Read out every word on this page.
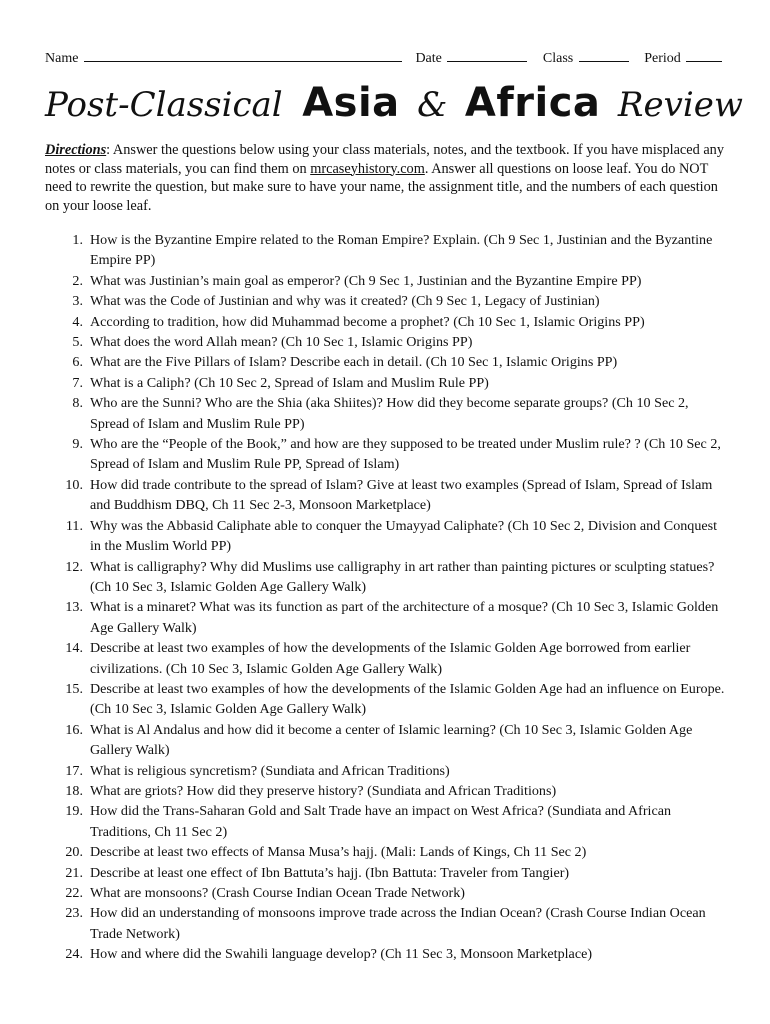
Name	Date	Class	Period
Post-Classical Asia & Africa Review
Directions: Answer the questions below using your class materials, notes, and the textbook. If you have misplaced any notes or class materials, you can find them on mrcaseyhistory.com. Answer all questions on loose leaf. You do NOT need to rewrite the question, but make sure to have your name, the assignment title, and the numbers of each question on your loose leaf.
1. How is the Byzantine Empire related to the Roman Empire? Explain. (Ch 9 Sec 1, Justinian and the Byzantine Empire PP)
2. What was Justinian’s main goal as emperor? (Ch 9 Sec 1, Justinian and the Byzantine Empire PP)
3. What was the Code of Justinian and why was it created? (Ch 9 Sec 1, Legacy of Justinian)
4. According to tradition, how did Muhammad become a prophet? (Ch 10 Sec 1, Islamic Origins PP)
5. What does the word Allah mean? (Ch 10 Sec 1, Islamic Origins PP)
6. What are the Five Pillars of Islam? Describe each in detail. (Ch 10 Sec 1, Islamic Origins PP)
7. What is a Caliph? (Ch 10 Sec 2, Spread of Islam and Muslim Rule PP)
8. Who are the Sunni? Who are the Shia (aka Shiites)? How did they become separate groups? (Ch 10 Sec 2, Spread of Islam and Muslim Rule PP)
9. Who are the “People of the Book,” and how are they supposed to be treated under Muslim rule? ? (Ch 10 Sec 2, Spread of Islam and Muslim Rule PP, Spread of Islam)
10. How did trade contribute to the spread of Islam? Give at least two examples (Spread of Islam, Spread of Islam and Buddhism DBQ, Ch 11 Sec 2-3, Monsoon Marketplace)
11. Why was the Abbasid Caliphate able to conquer the Umayyad Caliphate? (Ch 10 Sec 2, Division and Conquest in the Muslim World PP)
12. What is calligraphy? Why did Muslims use calligraphy in art rather than painting pictures or sculpting statues? (Ch 10 Sec 3, Islamic Golden Age Gallery Walk)
13. What is a minaret? What was its function as part of the architecture of a mosque? (Ch 10 Sec 3, Islamic Golden Age Gallery Walk)
14. Describe at least two examples of how the developments of the Islamic Golden Age borrowed from earlier civilizations. (Ch 10 Sec 3, Islamic Golden Age Gallery Walk)
15. Describe at least two examples of how the developments of the Islamic Golden Age had an influence on Europe. (Ch 10 Sec 3, Islamic Golden Age Gallery Walk)
16. What is Al Andalus and how did it become a center of Islamic learning? (Ch 10 Sec 3, Islamic Golden Age Gallery Walk)
17. What is religious syncretism? (Sundiata and African Traditions)
18. What are griots? How did they preserve history? (Sundiata and African Traditions)
19. How did the Trans-Saharan Gold and Salt Trade have an impact on West Africa? (Sundiata and African Traditions, Ch 11 Sec 2)
20. Describe at least two effects of Mansa Musa’s hajj. (Mali: Lands of Kings, Ch 11 Sec 2)
21. Describe at least one effect of Ibn Battuta’s hajj. (Ibn Battuta: Traveler from Tangier)
22. What are monsoons? (Crash Course Indian Ocean Trade Network)
23. How did an understanding of monsoons improve trade across the Indian Ocean? (Crash Course Indian Ocean Trade Network)
24. How and where did the Swahili language develop? (Ch 11 Sec 3, Monsoon Marketplace)
